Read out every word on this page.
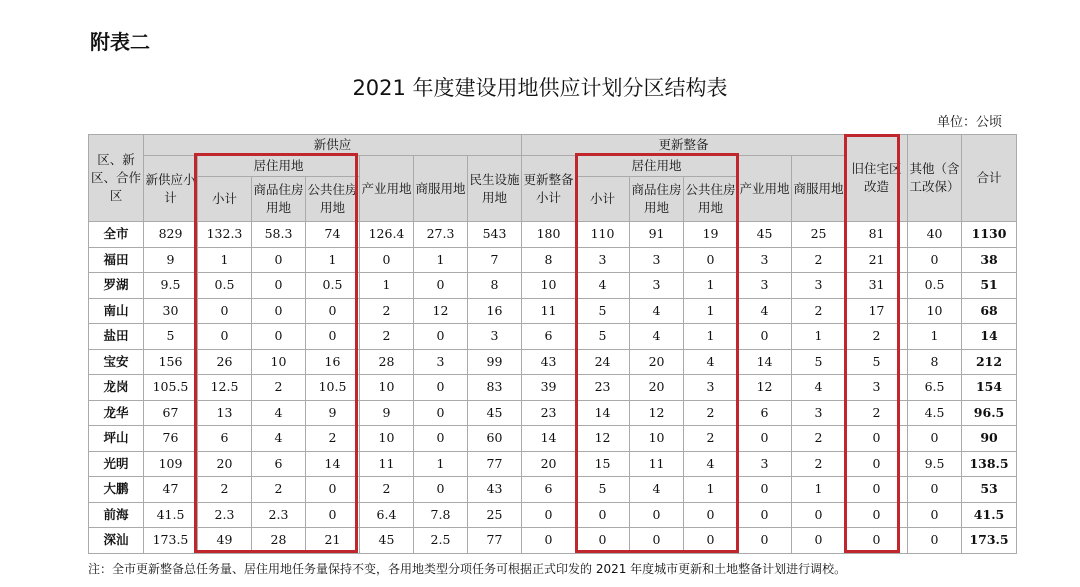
附表二
2021 年度建设用地供应计划分区结构表
单位：公顷
区、新区、合作区	新供应							更新整备						旧住宅区改造	其他（含工改保）	合计
	新供应小计	居住用地			产业用地	商服用地	民生设施用地	更新整备小计	居住用地			产业用地	商服用地			
		小计	商品住房用地	公共住房用地					小计	商品住房用地	公共住房用地					
全市	829	132.3	58.3	74	126.4	27.3	543	180	110	91	19	45	25	81	40	1130
福田	9	1	0	1	0	1	7	8	3	3	0	3	2	21	0	38
罗湖	9.5	0.5	0	0.5	1	0	8	10	4	3	1	3	3	31	0.5	51
南山	30	0	0	0	2	12	16	11	5	4	1	4	2	17	10	68
盐田	5	0	0	0	2	0	3	6	5	4	1	0	1	2	1	14
宝安	156	26	10	16	28	3	99	43	24	20	4	14	5	5	8	212
龙岗	105.5	12.5	2	10.5	10	0	83	39	23	20	3	12	4	3	6.5	154
龙华	67	13	4	9	9	0	45	23	14	12	2	6	3	2	4.5	96.5
坪山	76	6	4	2	10	0	60	14	12	10	2	0	2	0	0	90
光明	109	20	6	14	11	1	77	20	15	11	4	3	2	0	9.5	138.5
大鹏	47	2	2	0	2	0	43	6	5	4	1	0	1	0	0	53
前海	41.5	2.3	2.3	0	6.4	7.8	25	0	0	0	0	0	0	0	0	41.5
深汕	173.5	49	28	21	45	2.5	77	0	0	0	0	0	0	0	0	173.5
注：全市更新整备总任务量、居住用地任务量保持不变，各用地类型分项任务可根据正式印发的 2021 年度城市更新和土地整备计划进行调校。
